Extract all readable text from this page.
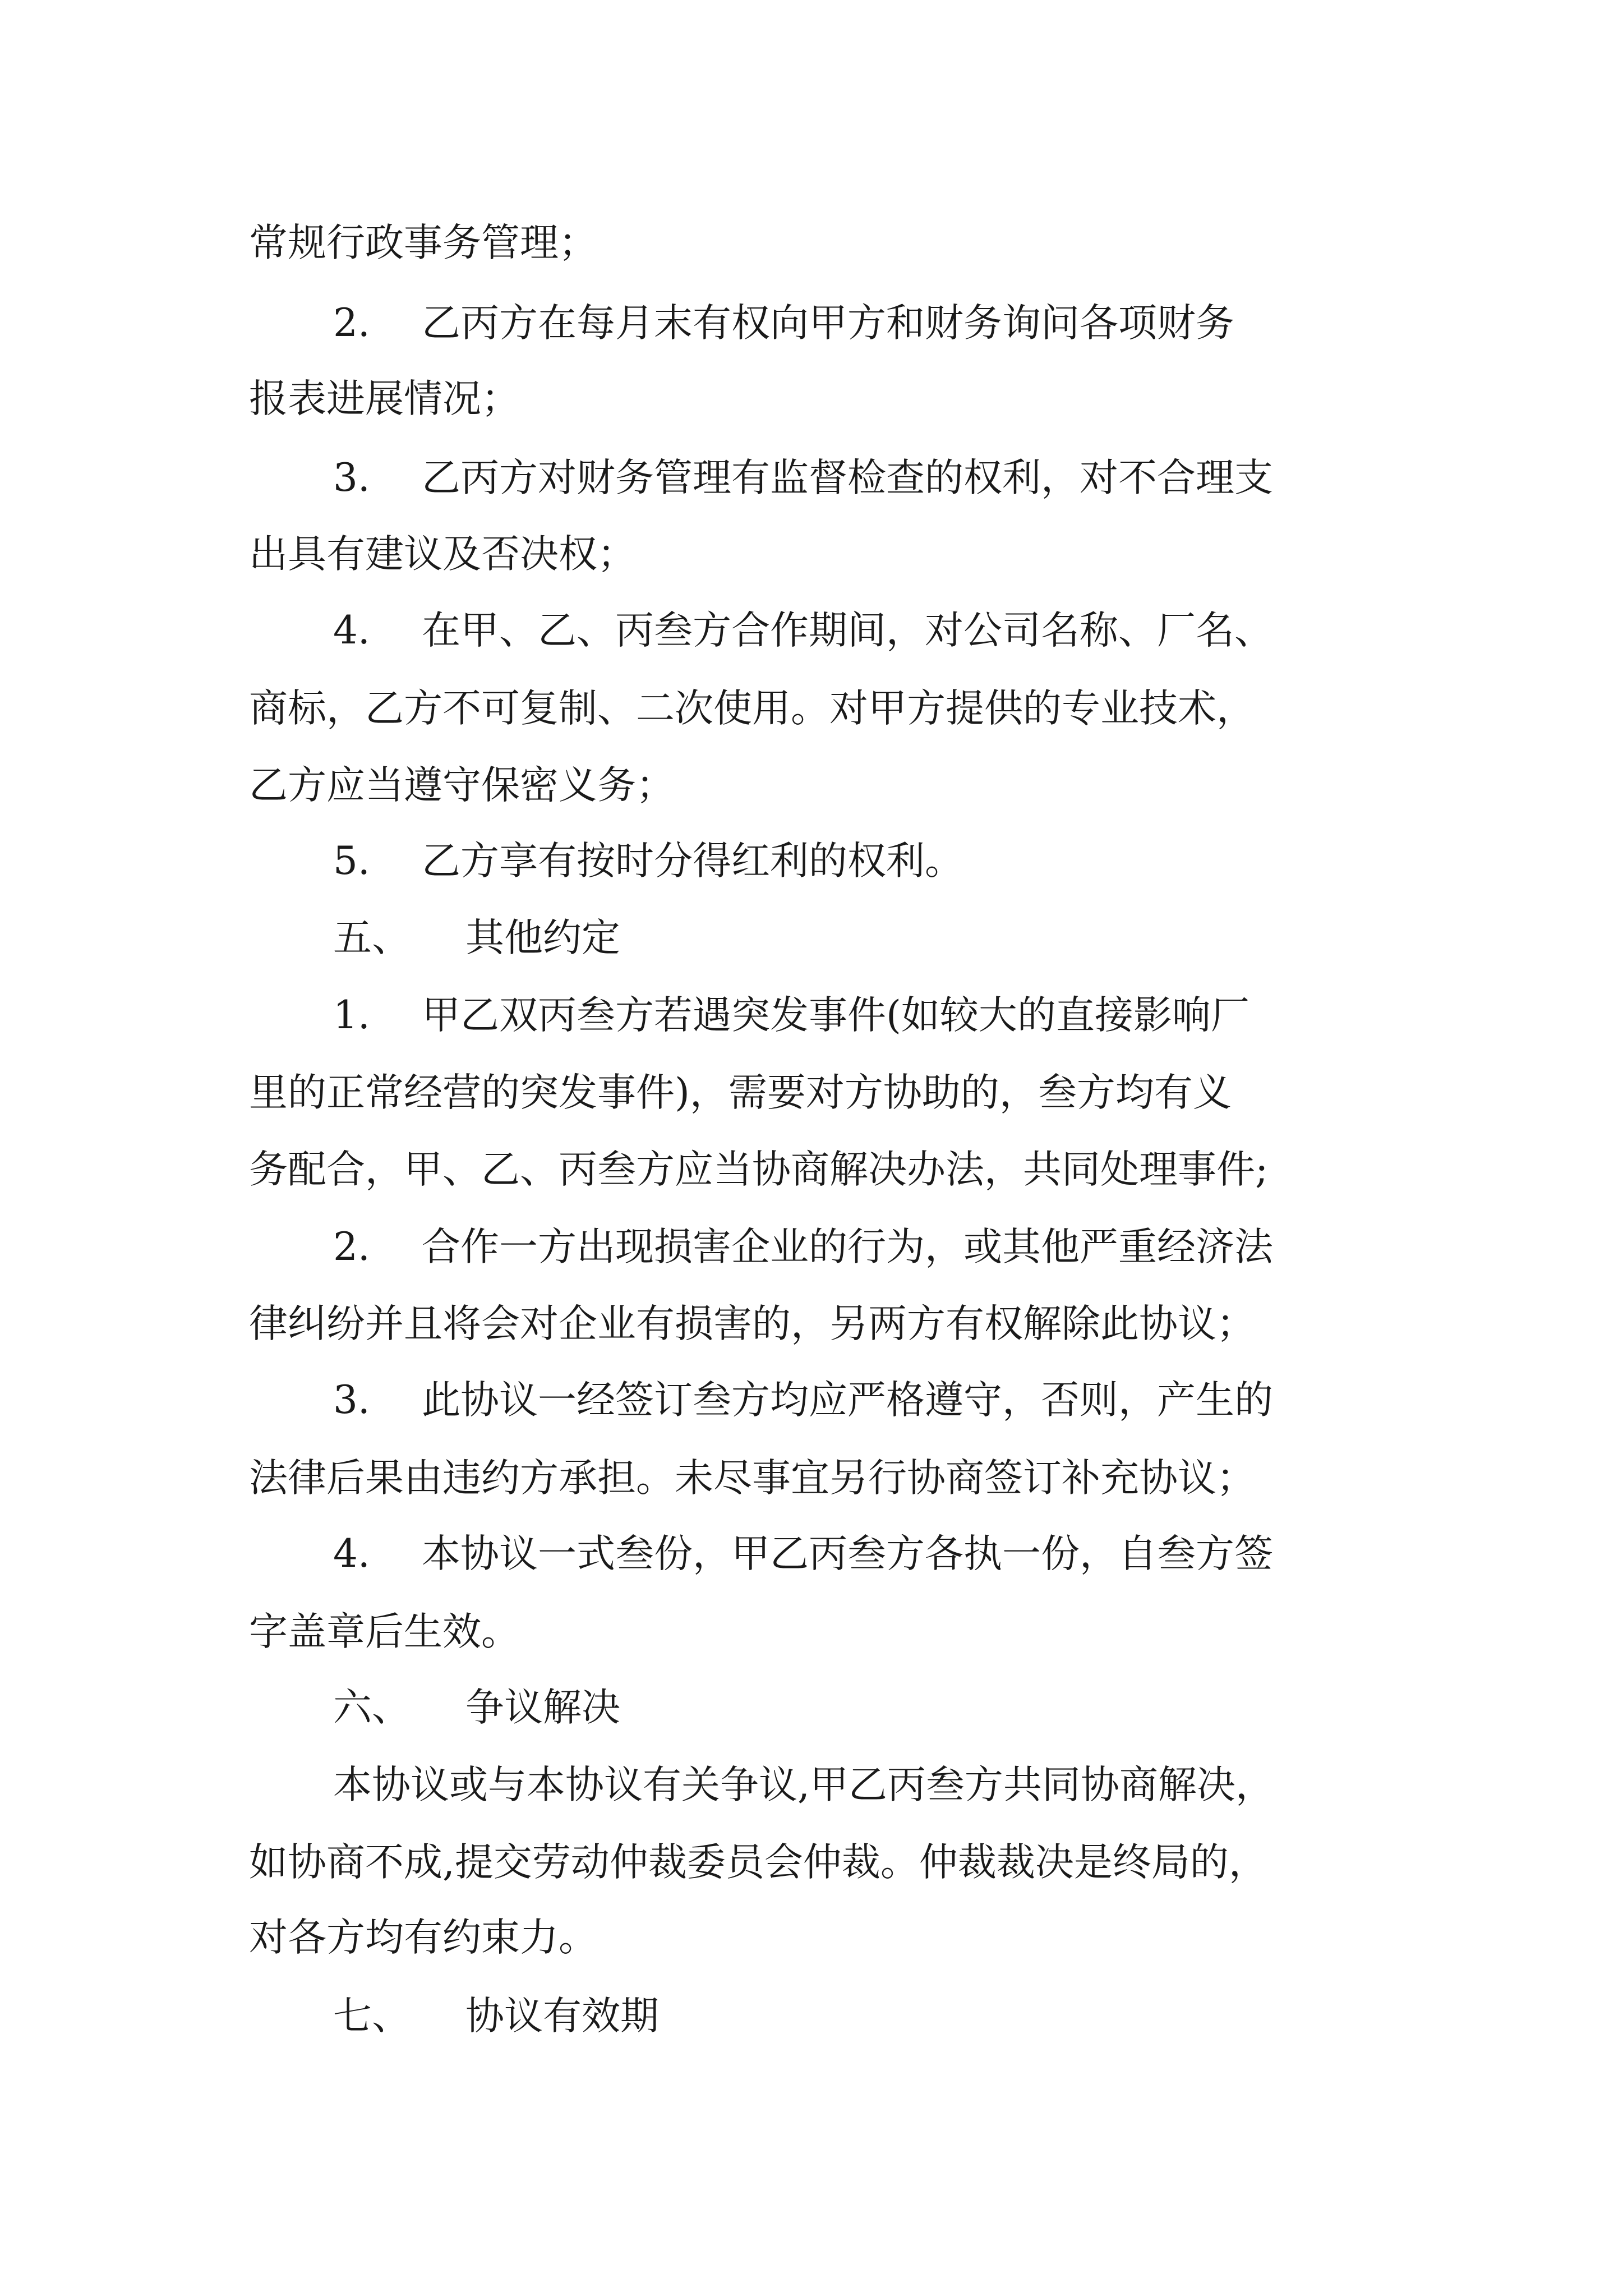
常规行政事务管理；
2. 乙丙方在每月末有权向甲方和财务询问各项财务
报表进展情况；
3. 乙丙方对财务管理有监督检查的权利，对不合理支
出具有建议及否决权；
4. 在甲、乙、丙叁方合作期间，对公司名称、厂名、
商标，乙方不可复制、二次使用。对甲方提供的专业技术，
乙方应当遵守保密义务；
5. 乙方享有按时分得红利的权利。
五、 其他约定
1. 甲乙双丙叁方若遇突发事件(如较大的直接影响厂
里的正常经营的突发事件)，需要对方协助的，叁方均有义
务配合，甲、乙、丙叁方应当协商解决办法，共同处理事件;
2. 合作一方出现损害企业的行为，或其他严重经济法
律纠纷并且将会对企业有损害的，另两方有权解除此协议；
3. 此协议一经签订叁方均应严格遵守，否则，产生的
法律后果由违约方承担。未尽事宜另行协商签订补充协议；
4. 本协议一式叁份，甲乙丙叁方各执一份，自叁方签
字盖章后生效。
六、 争议解决
本协议或与本协议有关争议,甲乙丙叁方共同协商解决，
如协商不成,提交劳动仲裁委员会仲裁。仲裁裁决是终局的，
对各方均有约束力。
七、 协议有效期
